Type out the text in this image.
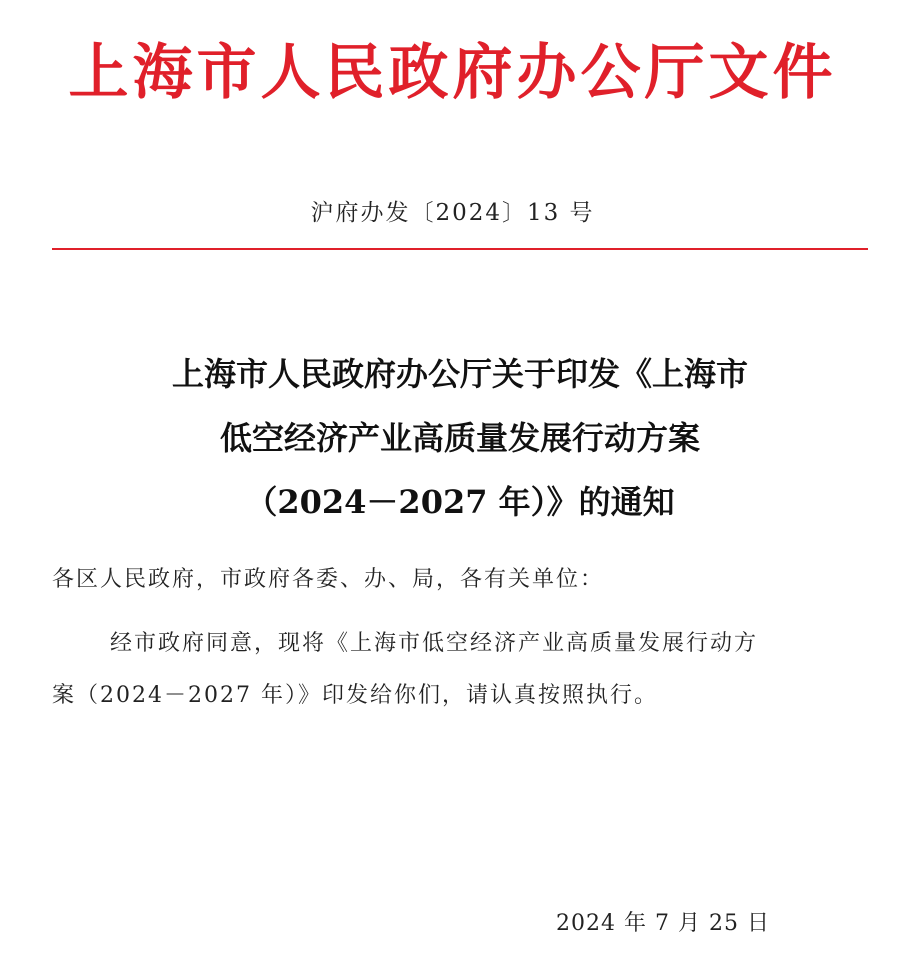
上海市人民政府办公厅文件
沪府办发〔2024〕13 号
上海市人民政府办公厅关于印发《上海市
低空经济产业高质量发展行动方案
（2024－2027 年）》的通知
各区人民政府，市政府各委、办、局，各有关单位：
经市政府同意，现将《上海市低空经济产业高质量发展行动方
案（2024－2027 年）》印发给你们，请认真按照执行。
2024 年 7 月 25 日
